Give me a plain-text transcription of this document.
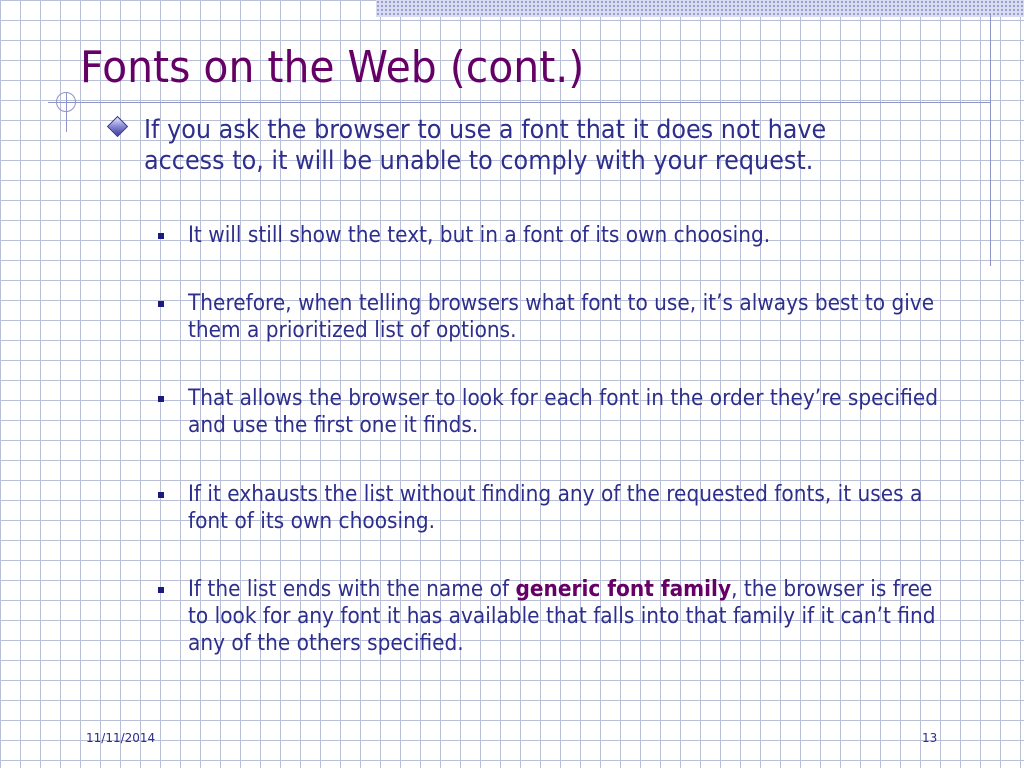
Fonts on the Web (cont.)

If you ask the browser to use a font that it does not have access to, it will be unable to comply with your request.

It will still show the text, but in a font of its own choosing.

Therefore, when telling browsers what font to use, it’s always best to give them a prioritized list of options.

That allows the browser to look for each font in the order they’re specified and use the first one it finds.

If it exhausts the list without finding any of the requested fonts, it uses a font of its own choosing.

If the list ends with the name of generic font family, the browser is free to look for any font it has available that falls into that family if it can’t find any of the others specified.

11/11/2014	13
